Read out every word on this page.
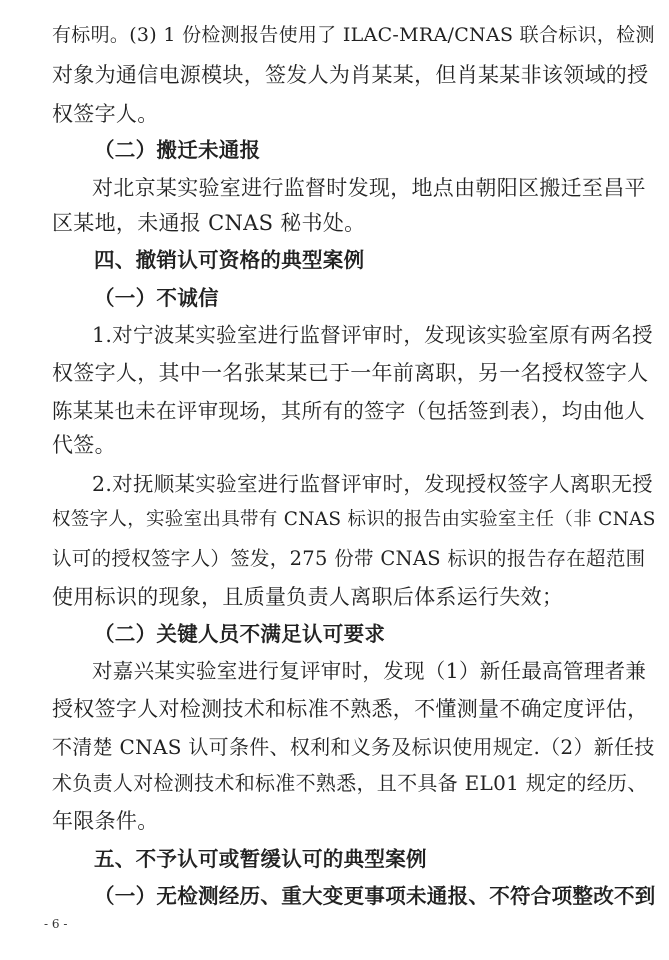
有标明。(3) 1 份检测报告使用了 ILAC-MRA/CNAS 联合标识，检测
对象为通信电源模块，签发人为肖某某，但肖某某非该领域的授
权签字人。
（二）搬迁未通报
对北京某实验室进行监督时发现，地点由朝阳区搬迁至昌平
区某地，未通报 CNAS 秘书处。
四、撤销认可资格的典型案例
（一）不诚信
1.对宁波某实验室进行监督评审时，发现该实验室原有两名授
权签字人，其中一名张某某已于一年前离职，另一名授权签字人
陈某某也未在评审现场，其所有的签字（包括签到表），均由他人
代签。
2.对抚顺某实验室进行监督评审时，发现授权签字人离职无授
权签字人，实验室出具带有 CNAS 标识的报告由实验室主任（非 CNAS
认可的授权签字人）签发，275 份带 CNAS 标识的报告存在超范围
使用标识的现象，且质量负责人离职后体系运行失效；
（二）关键人员不满足认可要求
对嘉兴某实验室进行复评审时，发现（1）新任最高管理者兼
授权签字人对检测技术和标准不熟悉，不懂测量不确定度评估，
不清楚 CNAS 认可条件、权利和义务及标识使用规定.（2）新任技
术负责人对检测技术和标准不熟悉，且不具备 EL01 规定的经历、
年限条件。
五、不予认可或暂缓认可的典型案例
（一）无检测经历、重大变更事项未通报、不符合项整改不到
- 6 -
